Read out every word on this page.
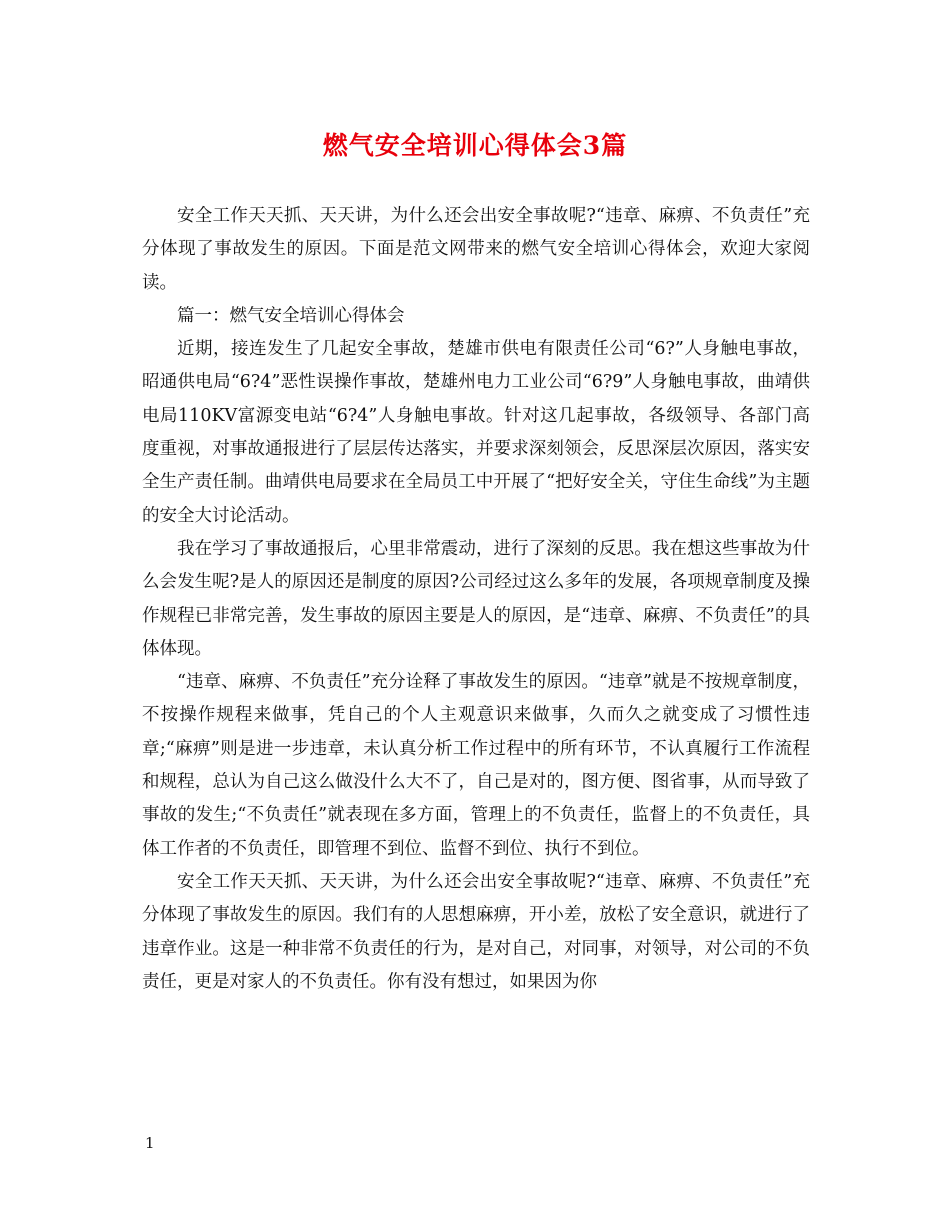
燃气安全培训心得体会3篇

安全工作天天抓、天天讲，为什么还会出安全事故呢?“违章、麻痹、不负责任”充分体现了事故发生的原因。下面是范文网带来的燃气安全培训心得体会，欢迎大家阅读。

篇一：燃气安全培训心得体会

近期，接连发生了几起安全事故，楚雄市供电有限责任公司“6?”人身触电事故，昭通供电局“6?4”恶性误操作事故，楚雄州电力工业公司“6?9”人身触电事故，曲靖供电局110KV富源变电站“6?4”人身触电事故。针对这几起事故，各级领导、各部门高度重视，对事故通报进行了层层传达落实，并要求深刻领会，反思深层次原因，落实安全生产责任制。曲靖供电局要求在全局员工中开展了“把好安全关，守住生命线”为主题的安全大讨论活动。

我在学习了事故通报后，心里非常震动，进行了深刻的反思。我在想这些事故为什么会发生呢?是人的原因还是制度的原因?公司经过这么多年的发展，各项规章制度及操作规程已非常完善，发生事故的原因主要是人的原因，是“违章、麻痹、不负责任”的具体体现。

“违章、麻痹、不负责任”充分诠释了事故发生的原因。“违章”就是不按规章制度，不按操作规程来做事，凭自己的个人主观意识来做事，久而久之就变成了习惯性违章;“麻痹”则是进一步违章，未认真分析工作过程中的所有环节，不认真履行工作流程和规程，总认为自己这么做没什么大不了，自己是对的，图方便、图省事，从而导致了事故的发生;“不负责任”就表现在多方面，管理上的不负责任，监督上的不负责任，具体工作者的不负责任，即管理不到位、监督不到位、执行不到位。

安全工作天天抓、天天讲，为什么还会出安全事故呢?“违章、麻痹、不负责任”充分体现了事故发生的原因。我们有的人思想麻痹，开小差，放松了安全意识，就进行了违章作业。这是一种非常不负责任的行为，是对自己，对同事，对领导，对公司的不负责任，更是对家人的不负责任。你有没有想过，如果因为你

1
